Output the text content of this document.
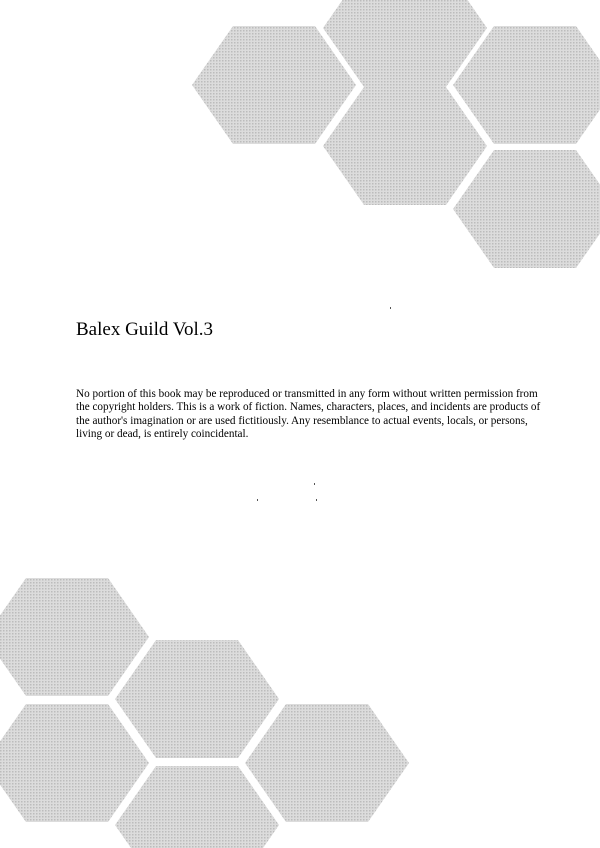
Balex Guild Vol.3

No portion of this book may be reproduced or transmitted in any form without written permission from the copyright holders. This is a work of fiction. Names, characters, places, and incidents are products of the author's imagination or are used fictitiously. Any resemblance to actual events, locals, or persons, living or dead, is entirely coincidental.
